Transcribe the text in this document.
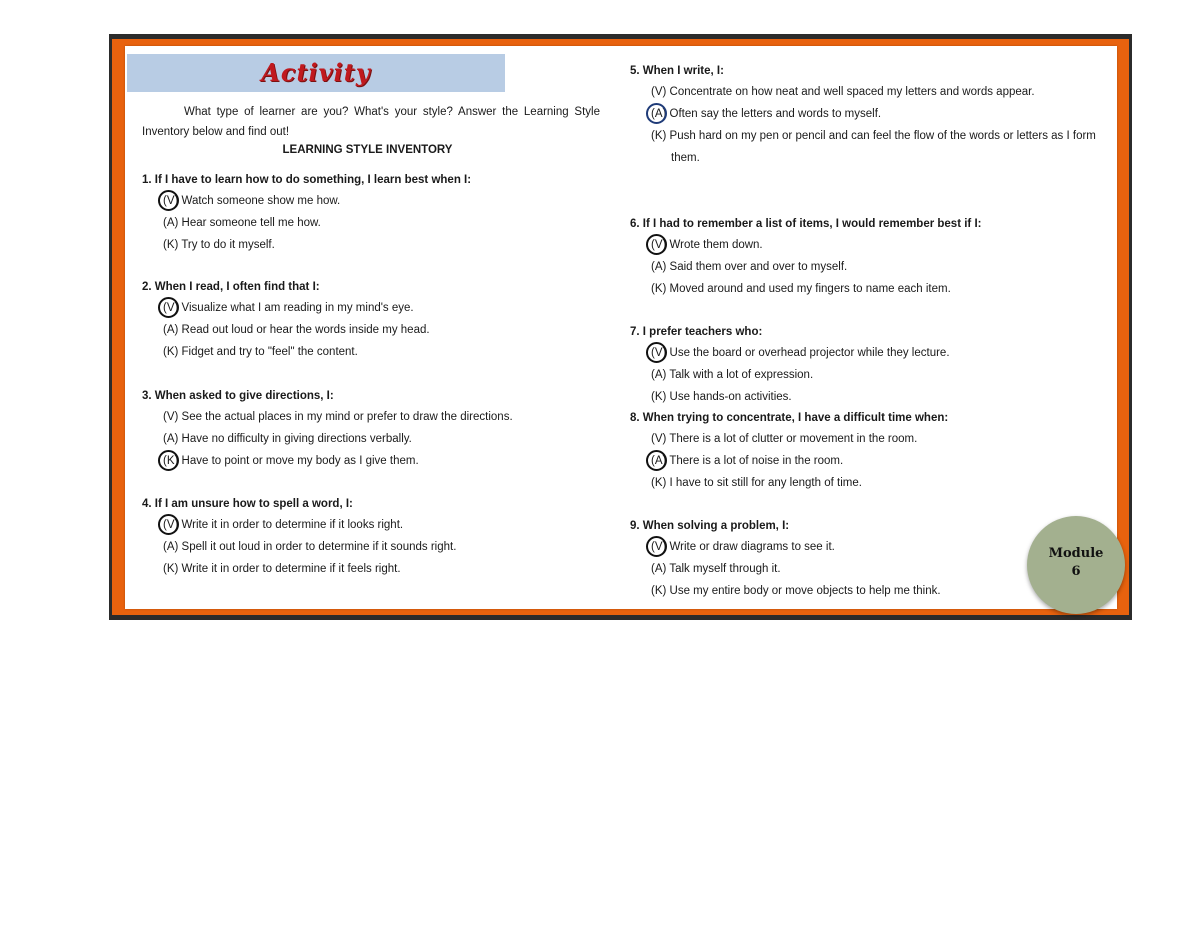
Activity
What type of learner are you? What's your style? Answer the Learning Style Inventory below and find out!
LEARNING STYLE INVENTORY
1. If I have to learn how to do something, I learn best when I:
(V) Watch someone show me how.
(A) Hear someone tell me how.
(K) Try to do it myself.
2. When I read, I often find that I:
(V) Visualize what I am reading in my mind's eye.
(A) Read out loud or hear the words inside my head.
(K) Fidget and try to "feel" the content.
3. When asked to give directions, I:
(V) See the actual places in my mind or prefer to draw the directions.
(A) Have no difficulty in giving directions verbally.
(K) Have to point or move my body as I give them.
4. If I am unsure how to spell a word, I:
(V) Write it in order to determine if it looks right.
(A) Spell it out loud in order to determine if it sounds right.
(K) Write it in order to determine if it feels right.
5. When I write, I:
(V) Concentrate on how neat and well spaced my letters and words appear.
(A) Often say the letters and words to myself.
(K) Push hard on my pen or pencil and can feel the flow of the words or letters as I form them.
6. If I had to remember a list of items, I would remember best if I:
(V) Wrote them down.
(A) Said them over and over to myself.
(K) Moved around and used my fingers to name each item.
7. I prefer teachers who:
(V) Use the board or overhead projector while they lecture.
(A) Talk with a lot of expression.
(K) Use hands-on activities.
8. When trying to concentrate, I have a difficult time when:
(V) There is a lot of clutter or movement in the room.
(A) There is a lot of noise in the room.
(K) I have to sit still for any length of time.
9. When solving a problem, I:
(V) Write or draw diagrams to see it.
(A) Talk myself through it.
(K) Use my entire body or move objects to help me think.
Module
6
